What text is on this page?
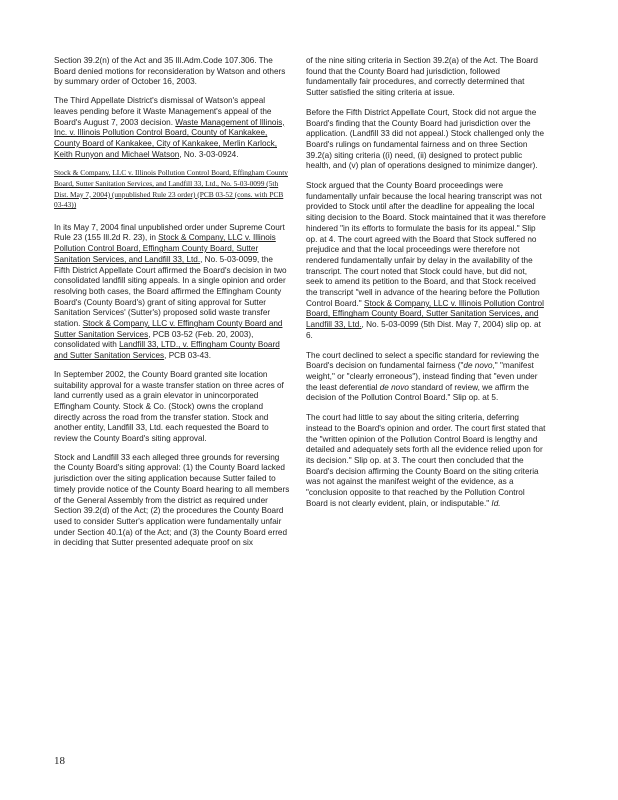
Section 39.2(n) of the Act and 35 Ill.Adm.Code 107.306. The Board denied motions for reconsideration by Watson and others by summary order of October 16, 2003.

The Third Appellate District's dismissal of Watson's appeal leaves pending before it Waste Management's appeal of the Board's August 7, 2003 decision. Waste Management of Illinois, Inc. v. Illinois Pollution Control Board, County of Kankakee, County Board of Kankakee, City of Kankakee, Merlin Karlock, Keith Runyon and Michael Watson, No. 3-03-0924.

Stock & Company, LLC v. Illinois Pollution Control Board, Effingham County Board, Sutter Sanitation Services, and Landfill 33, Ltd., No. 5-03-0099 (5th Dist. May 7, 2004) (unpublished Rule 23 order) (PCB 03-52 (cons. with PCB 03-43))

In its May 7, 2004 final unpublished order under Supreme Court Rule 23 (155 Ill.2d R. 23), in Stock & Company, LLC v. Illinois Pollution Control Board, Effingham County Board, Sutter Sanitation Services, and Landfill 33, Ltd., No. 5-03-0099, the Fifth District Appellate Court affirmed the Board's decision in two consolidated landfill siting appeals. In a single opinion and order resolving both cases, the Board affirmed the Effingham County Board's (County Board's) grant of siting approval for Sutter Sanitation Services' (Sutter's) proposed solid waste transfer station. Stock & Company, LLC v. Effingham County Board and Sutter Sanitation Services, PCB 03-52 (Feb. 20, 2003), consolidated with Landfill 33, LTD., v. Effingham County Board and Sutter Sanitation Services, PCB 03-43.

In September 2002, the County Board granted site location suitability approval for a waste transfer station on three acres of land currently used as a grain elevator in unincorporated Effingham County. Stock & Co. (Stock) owns the cropland directly across the road from the transfer station. Stock and another entity, Landfill 33, Ltd. each requested the Board to review the County Board's siting approval.

Stock and Landfill 33 each alleged three grounds for reversing the County Board's siting approval: (1) the County Board lacked jurisdiction over the siting application because Sutter failed to timely provide notice of the County Board hearing to all members of the General Assembly from the district as required under Section 39.2(d) of the Act; (2) the procedures the County Board used to consider Sutter's application were fundamentally unfair under Section 40.1(a) of the Act; and (3) the County Board erred in deciding that Sutter presented adequate proof on six

of the nine siting criteria in Section 39.2(a) of the Act. The Board found that the County Board had jurisdiction, followed fundamentally fair procedures, and correctly determined that Sutter satisfied the siting criteria at issue.

Before the Fifth District Appellate Court, Stock did not argue the Board's finding that the County Board had jurisdiction over the application. (Landfill 33 did not appeal.) Stock challenged only the Board's rulings on fundamental fairness and on three Section 39.2(a) siting criteria ((i) need, (ii) designed to protect public health, and (v) plan of operations designed to minimize danger).

Stock argued that the County Board proceedings were fundamentally unfair because the local hearing transcript was not provided to Stock until after the deadline for appealing the local siting decision to the Board. Stock maintained that it was therefore hindered "in its efforts to formulate the basis for its appeal." Slip op. at 4. The court agreed with the Board that Stock suffered no prejudice and that the local proceedings were therefore not rendered fundamentally unfair by delay in the availability of the transcript. The court noted that Stock could have, but did not, seek to amend its petition to the Board, and that Stock received the transcript "well in advance of the hearing before the Pollution Control Board." Stock & Company, LLC v. Illinois Pollution Control Board, Effingham County Board, Sutter Sanitation Services, and Landfill 33, Ltd., No. 5-03-0099 (5th Dist. May 7, 2004) slip op. at 6.

The court declined to select a specific standard for reviewing the Board's decision on fundamental fairness ("de novo," "manifest weight," or "clearly erroneous"), instead finding that "even under the least deferential de novo standard of review, we affirm the decision of the Pollution Control Board." Slip op. at 5.

The court had little to say about the siting criteria, deferring instead to the Board's opinion and order. The court first stated that the "written opinion of the Pollution Control Board is lengthy and detailed and adequately sets forth all the evidence relied upon for its decision." Slip op. at 3. The court then concluded that the Board's decision affirming the County Board on the siting criteria was not against the manifest weight of the evidence, as a "conclusion opposite to that reached by the Pollution Control Board is not clearly evident, plain, or indisputable." Id.

18
